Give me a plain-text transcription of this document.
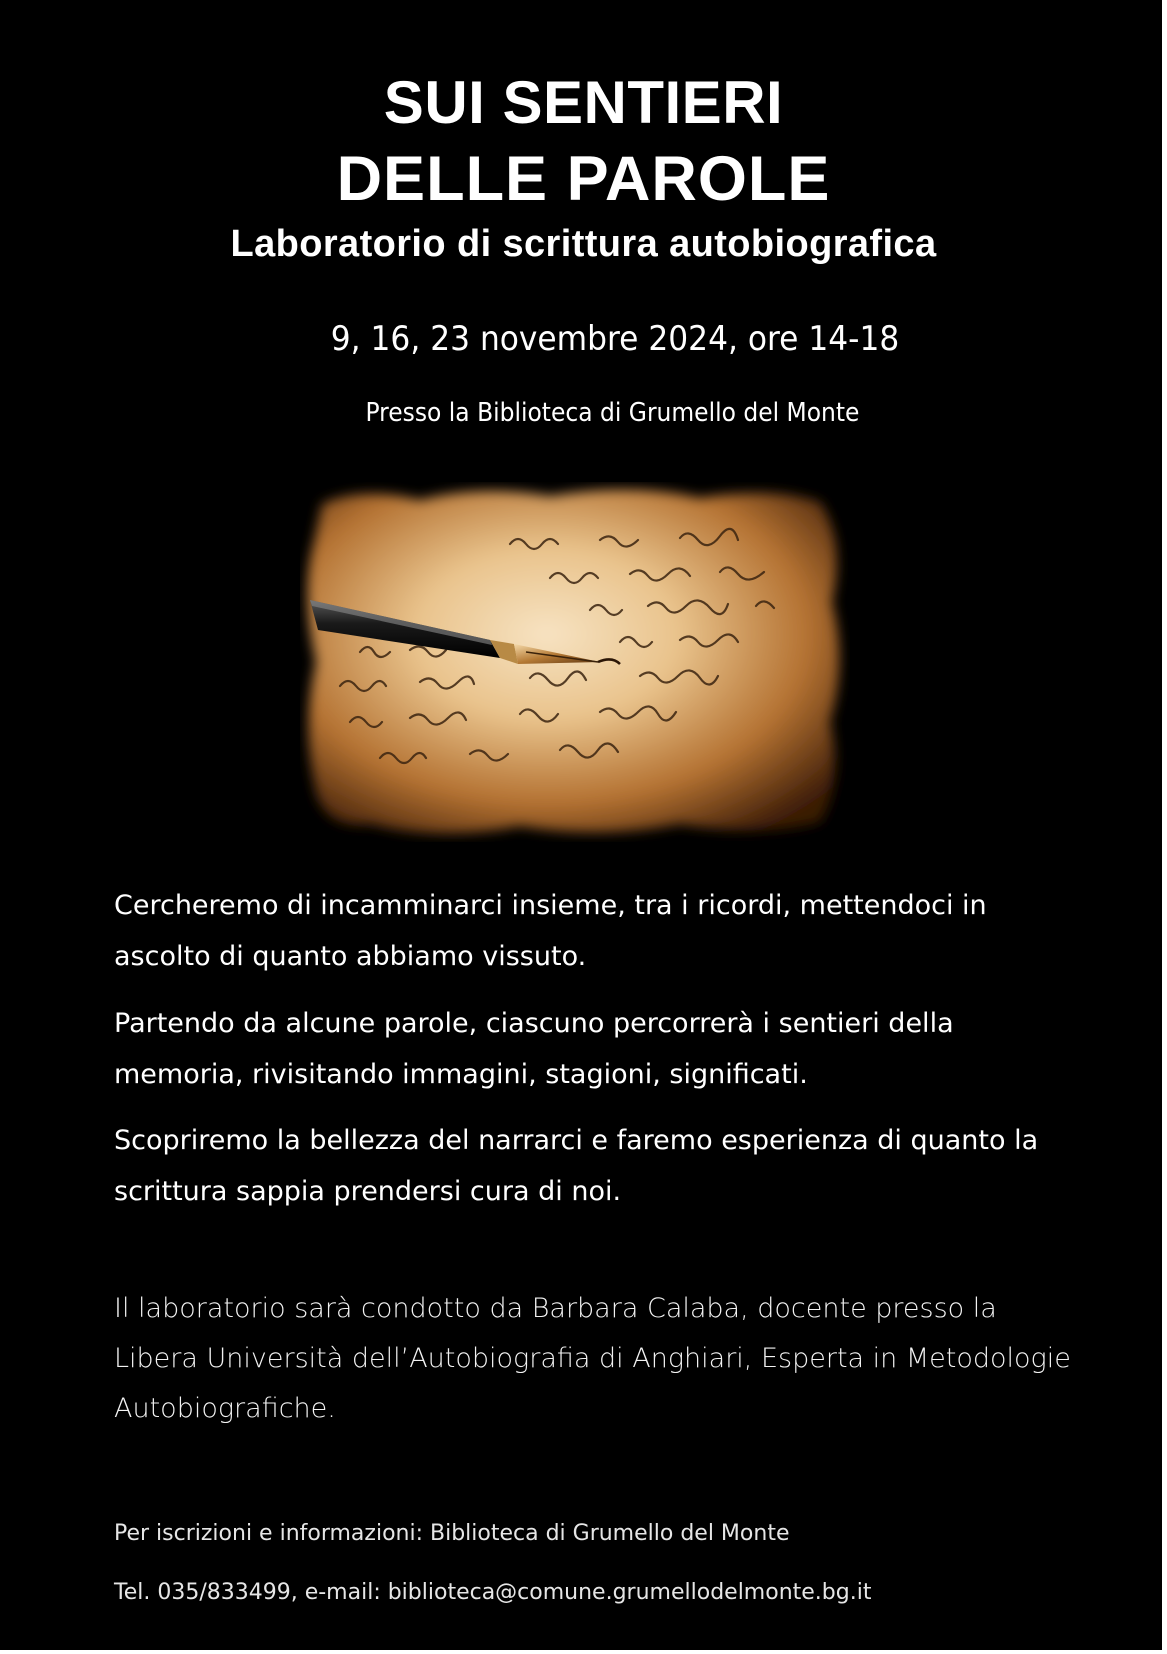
SUI SENTIERI
DELLE PAROLE
Laboratorio di scrittura autobiografica
9, 16, 23 novembre 2024, ore 14-18
Presso la Biblioteca di Grumello del Monte

Cercheremo di incamminarci insieme, tra i ricordi, mettendoci in

ascolto di quanto abbiamo vissuto.

Partendo da alcune parole, ciascuno percorrerà i sentieri della

memoria, rivisitando immagini, stagioni, significati.

Scopriremo la bellezza del narrarci e faremo esperienza di quanto la

scrittura sappia prendersi cura di noi.

Il laboratorio sarà condotto da Barbara Calaba, docente presso la
Libera Università dell’Autobiografia di Anghiari, Esperta in Metodologie
Autobiografiche.
Per iscrizioni e informazioni: Biblioteca di Grumello del Monte
Tel. 035/833499, e-mail: biblioteca@comune.grumellodelmonte.bg.it
